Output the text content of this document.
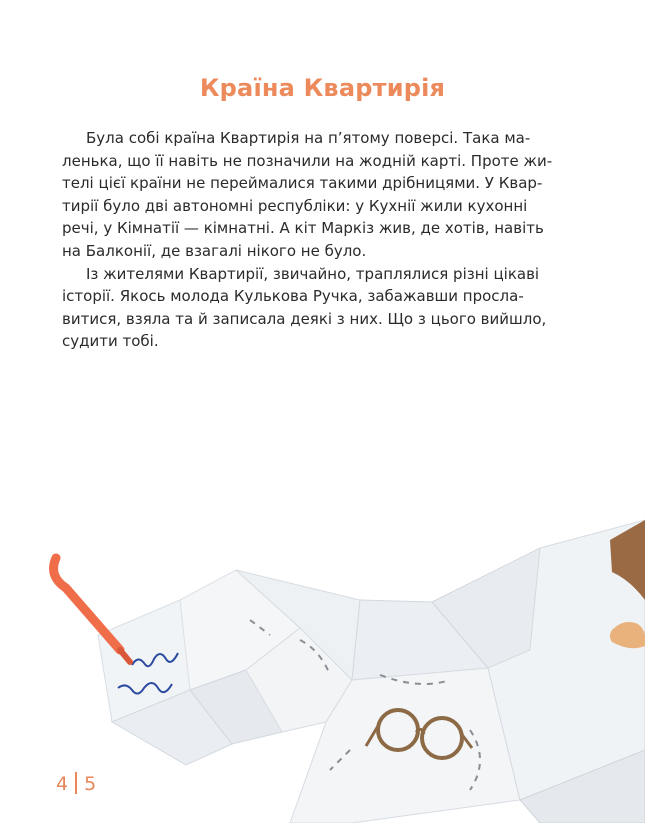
Країна Квартирія
Була собі країна Квартирія на п’ятому поверсі. Така ма-
ленька, що її навіть не позначили на жодній карті. Проте жи-
телі цієї країни не переймалися такими дрібницями. У Квар-
тирії було дві автономні республіки: у Кухнії жили кухонні
речі, у Кімнатії — кімнатні. А кіт Маркіз жив, де хотів, навіть
на Балконії, де взагалі нікого не було.
Із жителями Квартирії, звичайно, траплялися різні цікаві
історії. Якось молода Кулькова Ручка, забажавши просла-
витися, взяла та й записала деякі з них. Що з цього вийшло,
судити тобі.
4 5
